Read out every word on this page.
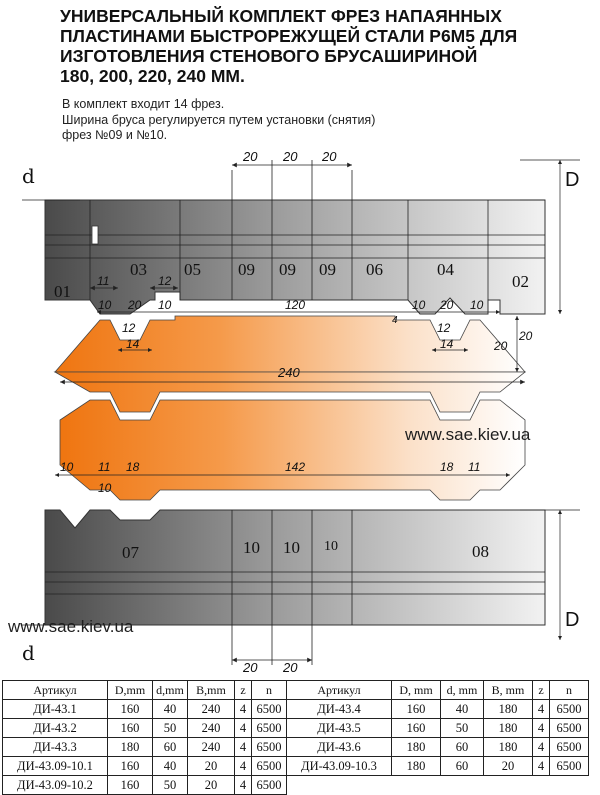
УНИВЕРСАЛЬНЫЙ КОМПЛЕКТ ФРЕЗ НАПАЯННЫХ
ПЛАСТИНАМИ БЫСТРОРЕЖУЩЕЙ СТАЛИ Р6М5 ДЛЯ
ИЗГОТОВЛЕНИЯ СТЕНОВОГО БРУСАШИРИНОЙ
180, 200, 220, 240 ММ.
В комплект входит 14 фрез.
Ширина бруса регулируется путем установки (снятия)
фрез №09 и №10.
d	D
20 20 20
01
03 05 09 09 09 06	04
02
11	12
10 20 10	120	10 20 10
12	12
14	14
4
20
20
240
www.sae.kiev.ua
10 11 18	142	18 11
10
07	10 10 10	08
www.sae.kiev.ua	D
d
20 20
Артикул	D,mm	d,mm	B,mm	z	n	Артикул	D, mm	d, mm	B, mm	z	n
ДИ-43.1	160	40	240	4	6500	ДИ-43.4	160	40	180	4	6500
ДИ-43.2	160	50	240	4	6500	ДИ-43.5	160	50	180	4	6500
ДИ-43.3	180	60	240	4	6500	ДИ-43.6	180	60	180	4	6500
ДИ-43.09-10.1	160	40	20	4	6500	ДИ-43.09-10.3	180	60	20	4	6500
ДИ-43.09-10.2	160	50	20	4	6500						
